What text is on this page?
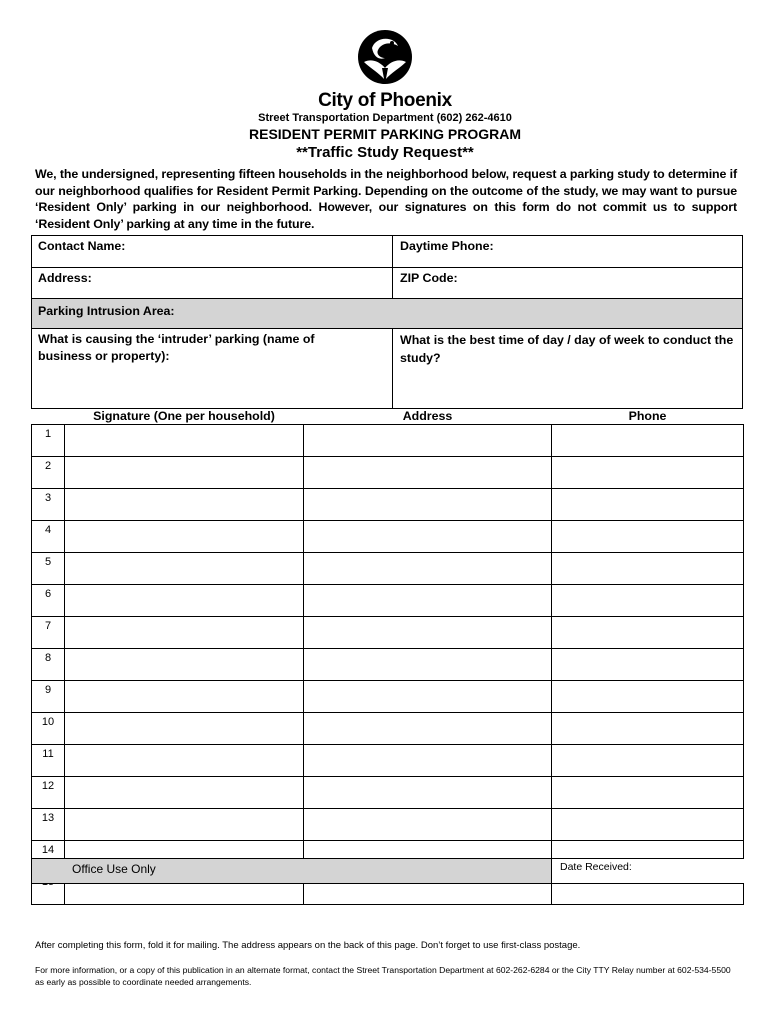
City of Phoenix
Street Transportation Department (602) 262-4610
RESIDENT PERMIT PARKING PROGRAM
**Traffic Study Request**
We, the undersigned, representing fifteen households in the neighborhood below, request a parking study to determine if our neighborhood qualifies for Resident Permit Parking. Depending on the outcome of the study, we may want to pursue ‘Resident Only’ parking in our neighborhood. However, our signatures on this form do not commit us to support ‘Resident Only’ parking at any time in the future.
Contact Name:	Daytime Phone:
Address:	ZIP Code:
Parking Intrusion Area:
What is causing the ‘intruder’ parking (name of business or property):
What is the best time of day / day of week to conduct the study?
	Signature (One per household)	Address	Phone
1			
2			
3			
4			
5			
6			
7			
8			
9			
10			
11			
12			
13			
14			

Office Use Only	Date Received:
After completing this form, fold it for mailing. The address appears on the back of this page. Don’t forget to use first-class postage.
For more information, or a copy of this publication in an alternate format, contact the Street Transportation Department at 602-262-6284 or the City TTY Relay number at 602-534-5500 as early as possible to coordinate needed arrangements.
